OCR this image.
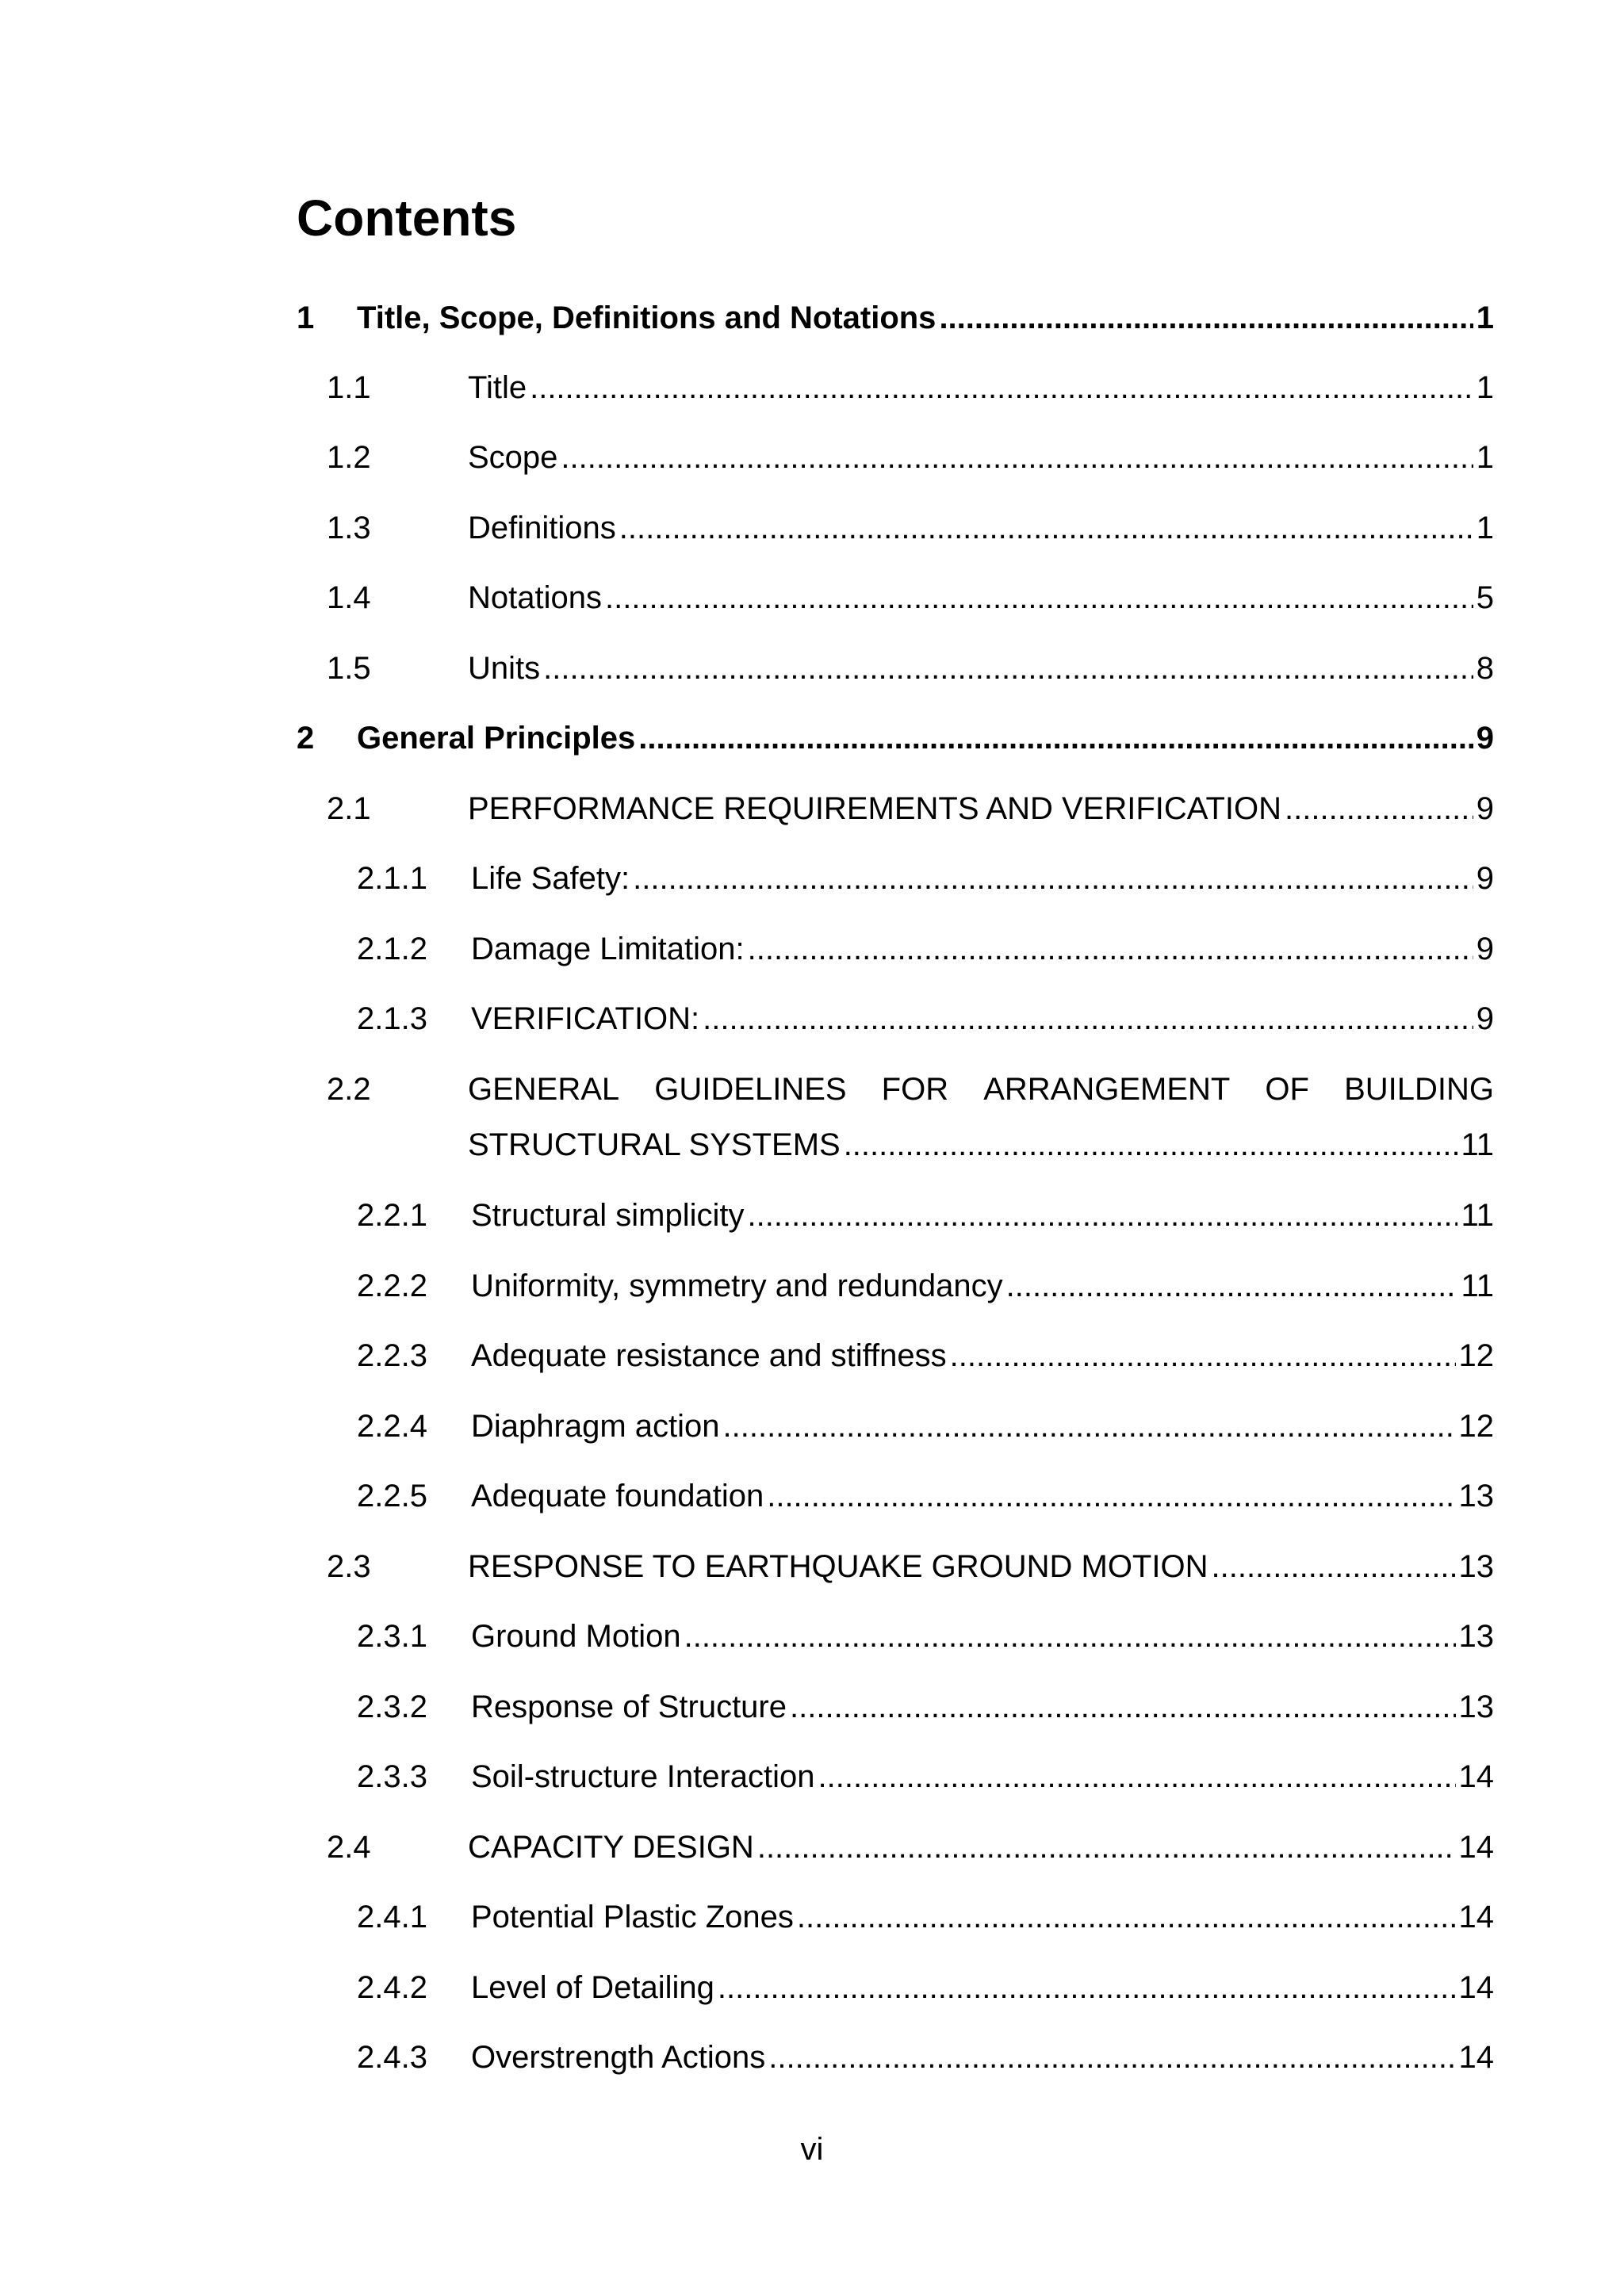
Contents
1	Title, Scope, Definitions and Notations .....	1
1.1	Title .....	1
1.2	Scope .....	1
1.3	Definitions .....	1
1.4	Notations .....	5
1.5	Units .....	8
2	General Principles .....	9
2.1	PERFORMANCE REQUIREMENTS AND VERIFICATION .....	9
2.1.1	Life Safety: .....	9
2.1.2	Damage Limitation: .....	9
2.1.3	VERIFICATION: .....	9
2.2	GENERAL GUIDELINES FOR ARRANGEMENT OF BUILDING
STRUCTURAL SYSTEMS .....	11
2.2.1	Structural simplicity .....	11
2.2.2	Uniformity, symmetry and redundancy .....	11
2.2.3	Adequate resistance and stiffness .....	12
2.2.4	Diaphragm action .....	12
2.2.5	Adequate foundation .....	13
2.3	RESPONSE TO EARTHQUAKE GROUND MOTION .....	13
2.3.1	Ground Motion .....	13
2.3.2	Response of Structure .....	13
2.3.3	Soil-structure Interaction .....	14
2.4	CAPACITY DESIGN .....	14
2.4.1	Potential Plastic Zones .....	14
2.4.2	Level of Detailing .....	14
2.4.3	Overstrength Actions .....	14
vi
